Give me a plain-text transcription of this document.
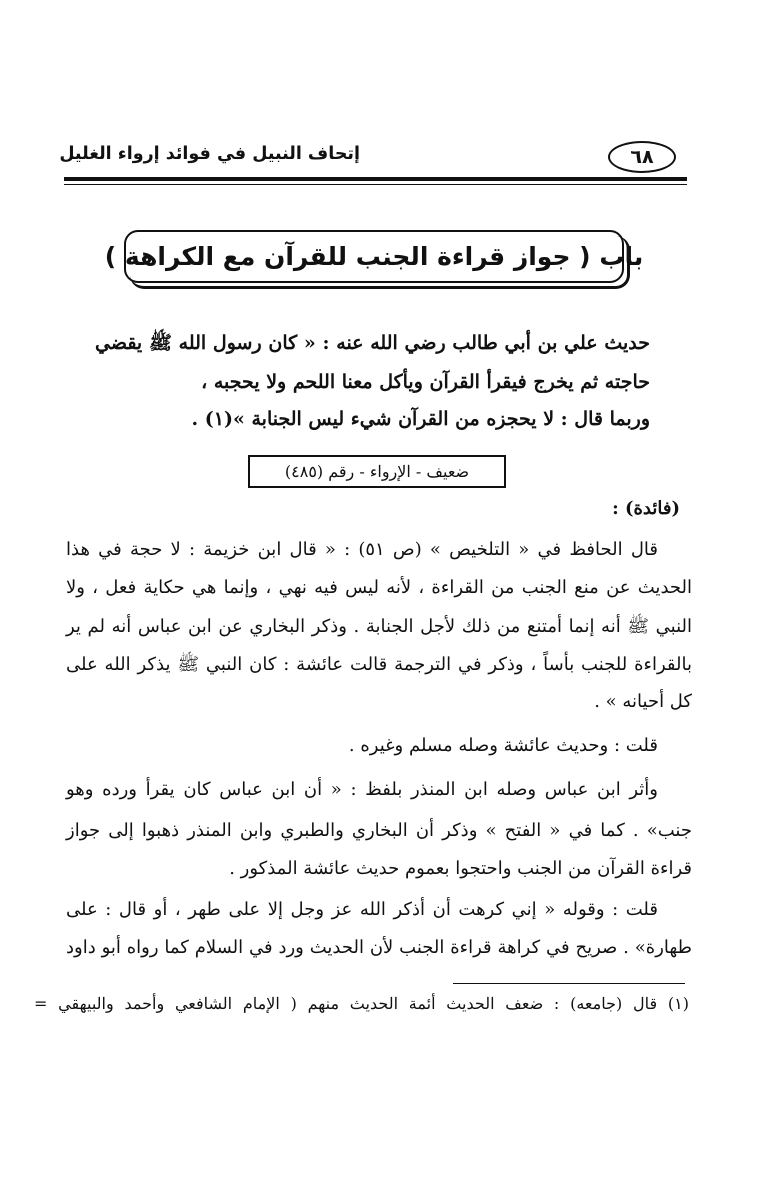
إتحاف النبيل في فوائد إرواء الغليل	٦٨
باب ( جواز قراءة الجنب للقرآن مع الكراهة )
حديث علي بن أبي طالب رضي الله عنه : « كان رسول الله ﷺ يقضي
حاجته ثم يخرج فيقرأ القرآن ويأكل معنا اللحم ولا يحجبه ،
وربما قال : لا يحجزه من القرآن شيء ليس الجنابة »(١) .
ضعيف - الإرواء - رقم (٤٨٥)
(فائدة) :
قال الحافظ في « التلخيص » (ص ٥١) : « قال ابن خزيمة : لا حجة في هذا
الحديث عن منع الجنب من القراءة ، لأنه ليس فيه نهي ، وإنما هي حكاية فعل ، ولا
النبي ﷺ أنه إنما أمتنع من ذلك لأجل الجنابة . وذكر البخاري عن ابن عباس أنه لم ير
بالقراءة للجنب بأساً ، وذكر في الترجمة قالت عائشة : كان النبي ﷺ يذكر الله على
كل أحيانه » .
قلت : وحديث عائشة وصله مسلم وغيره .
وأثر ابن عباس وصله ابن المنذر بلفظ : « أن ابن عباس كان يقرأ ورده وهو
جنب» . كما في « الفتح » وذكر أن البخاري والطبري وابن المنذر ذهبوا إلى جواز
قراءة القرآن من الجنب واحتجوا بعموم حديث عائشة المذكور .
قلت : وقوله « إني كرهت أن أذكر الله عز وجل إلا على طهر ، أو قال : على
طهارة» . صريح في كراهة قراءة الجنب لأن الحديث ورد في السلام كما رواه أبو داود
(١) قال (جامعه) : ضعف الحديث أئمة الحديث منهم ( الإمام الشافعي وأحمد والبيهقي =
